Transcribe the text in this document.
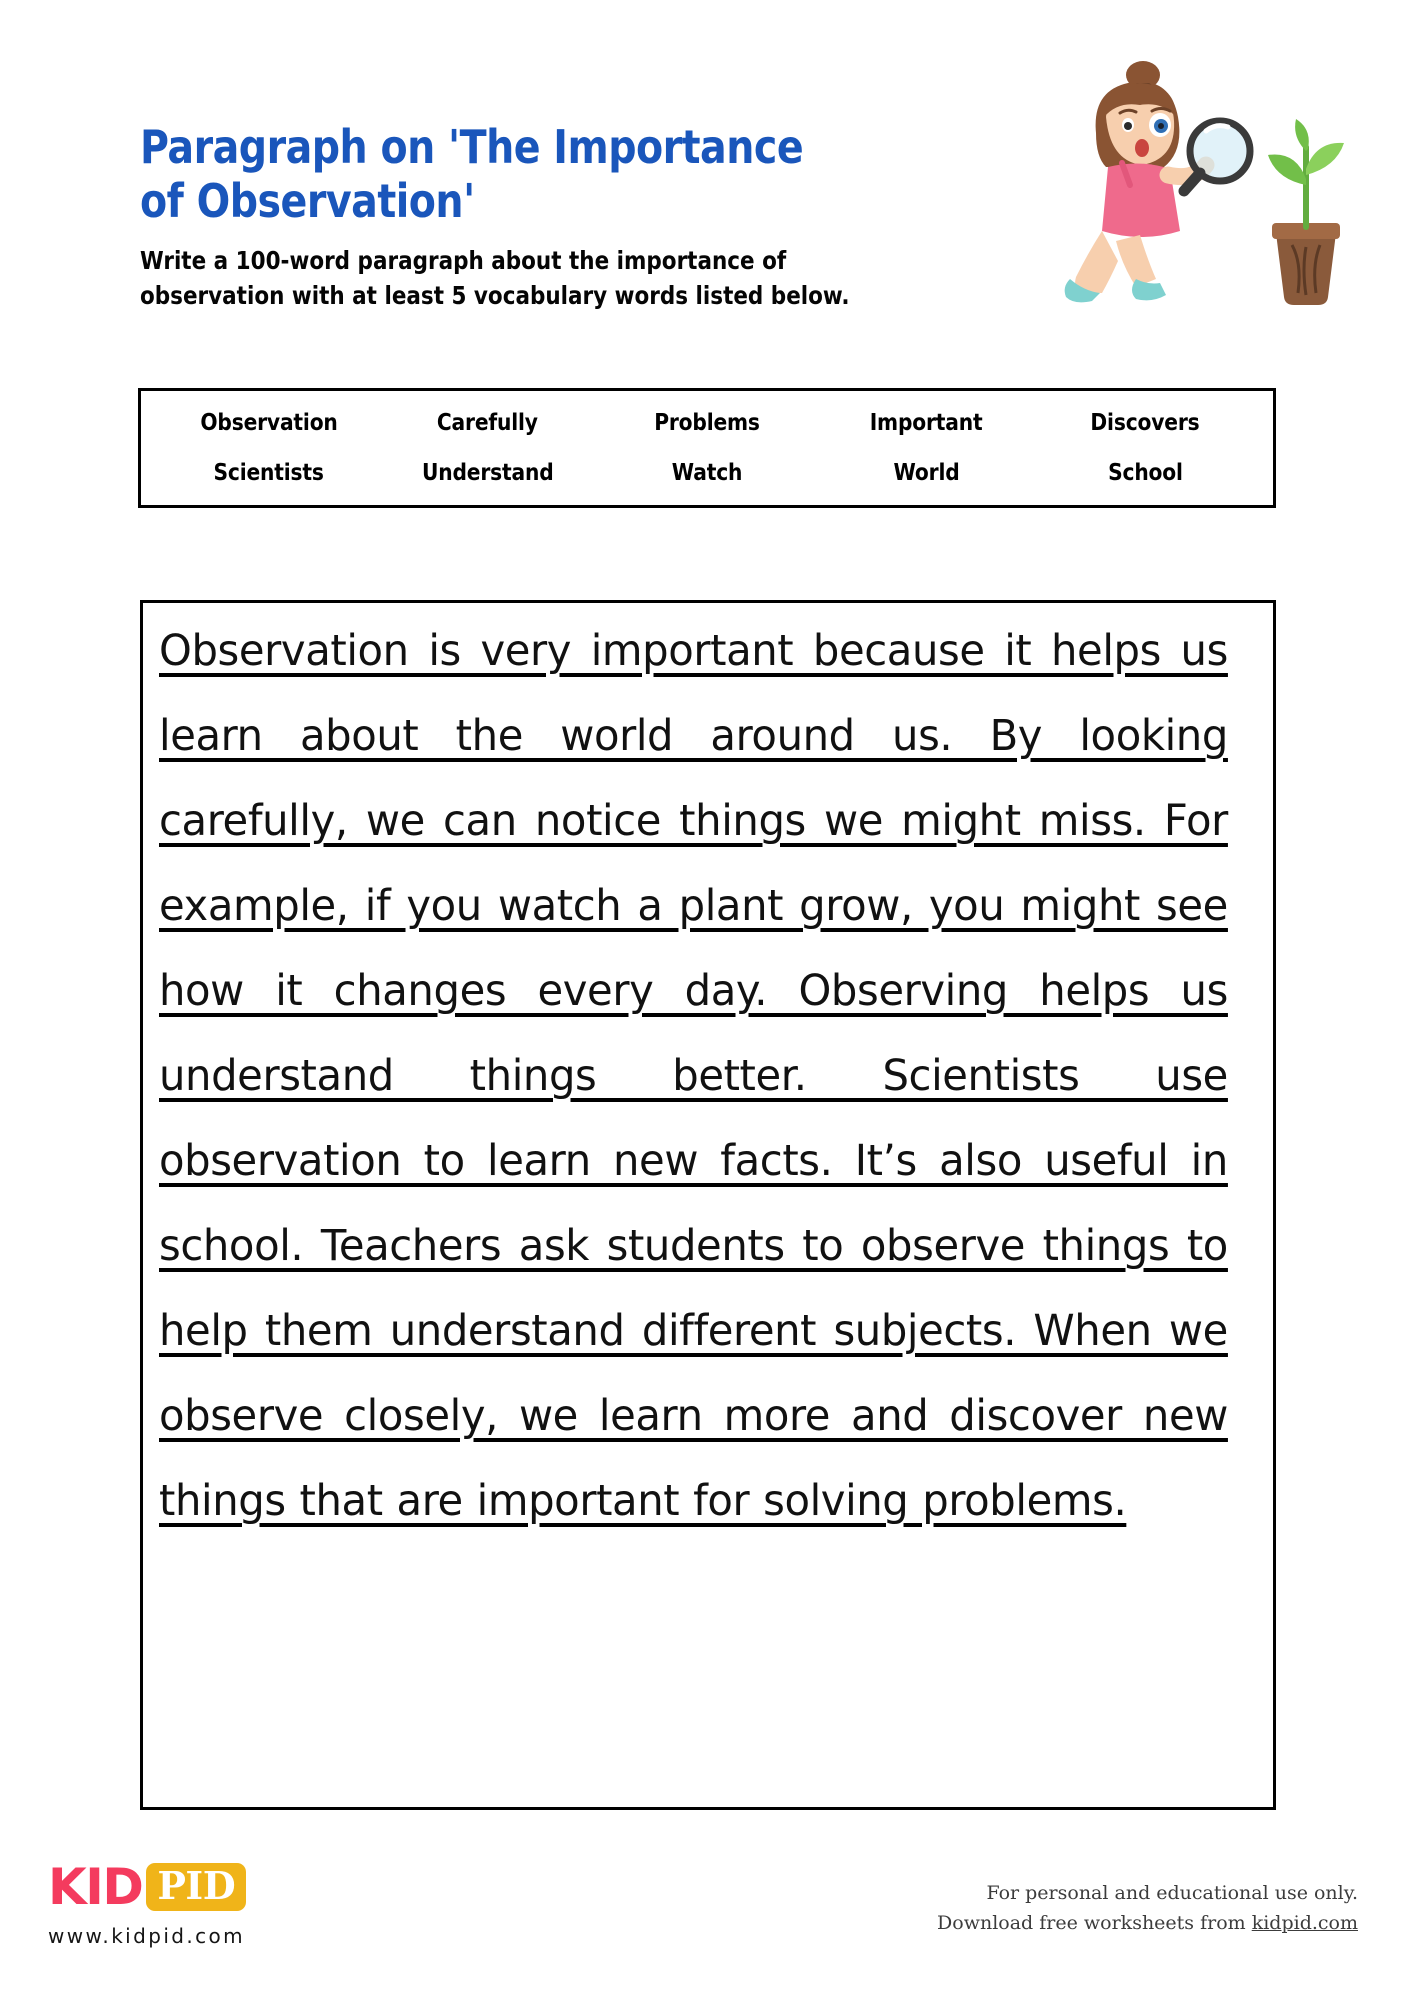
Paragraph on 'The Importance of Observation'
Write a 100-word paragraph about the importance of observation with at least 5 vocabulary words listed below.
Observation	Carefully	Problems	Important	Discovers
Scientists	Understand	Watch	World	School
Observation is very important because it helps us learn about the world around us. By looking carefully, we can notice things we might miss. For example, if you watch a plant grow, you might see how it changes every day. Observing helps us understand things better. Scientists use observation to learn new facts. It’s also useful in school. Teachers ask students to observe things to help them understand different subjects. When we observe closely, we learn more and discover new things that are important for solving problems.
KID PID
www.kidpid.com
For personal and educational use only.
Download free worksheets from kidpid.com
